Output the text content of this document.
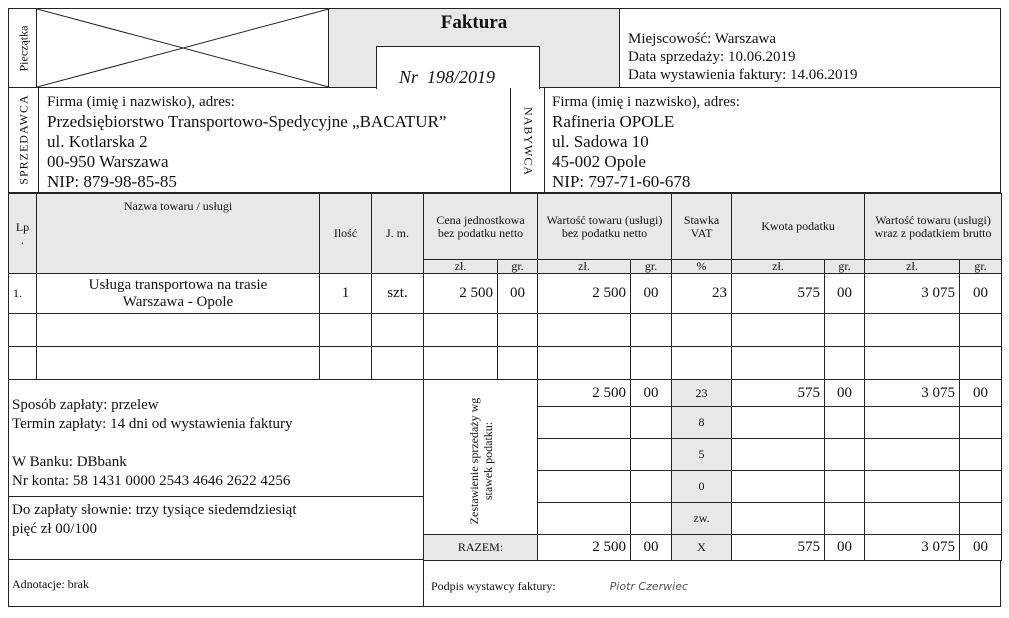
Pieczątka
Faktura
Nr 198/2019
Miejscowość: Warszawa
Data sprzedaży: 10.06.2019
Data wystawienia faktury: 14.06.2019
SPRZEDAWCA Firma (imię i nazwisko), adres:
Przedsiębiorstwo Transportowo-Spedycyjne „BACATUR”
ul. Kotlarska 2
00-950 Warszawa
NIP: 879-98-85-85
NABYWCA
Firma (imię i nazwisko), adres:
Rafineria OPOLE
ul. Sadowa 10
45-002 Opole
NIP: 797-71-60-678
Lp .	Nazwa towaru / usługi	Ilość	J. m.	Cena jednostkowa bez podatku netto		Wartość towaru (usługi) bez podatku netto		Stawka VAT	Kwota podatku		Wartość towaru (usługi) wraz z podatkiem brutto	
				zł.	gr.	zł.	gr.	%	zł.	gr.	zł.	gr.
1.	Usługa transportowa na trasie
Warszawa - Opole	1	szt.	2 500	00	2 500	00	23	575	00	3 075	00

Sposób zapłaty: przelew
Termin zapłaty: 14 dni od wystawienia faktury
W Banku: DBbank
Nr konta: 58 1431 0000 2543 4646 2622 4256
Do zapłaty słownie: trzy tysiące siedemdziesiąt pięć zł 00/100
Zestawienie sprzedaży wg stawek podatku:	2 500	00	23	575	00	3 075	00
			8				
			5				
			0				
			zw.				
RAZEM:	2 500	00	X	575	00	3 075	00
Adnotacje: brak	Podpis wystawcy faktury:	Piotr Czerwiec
